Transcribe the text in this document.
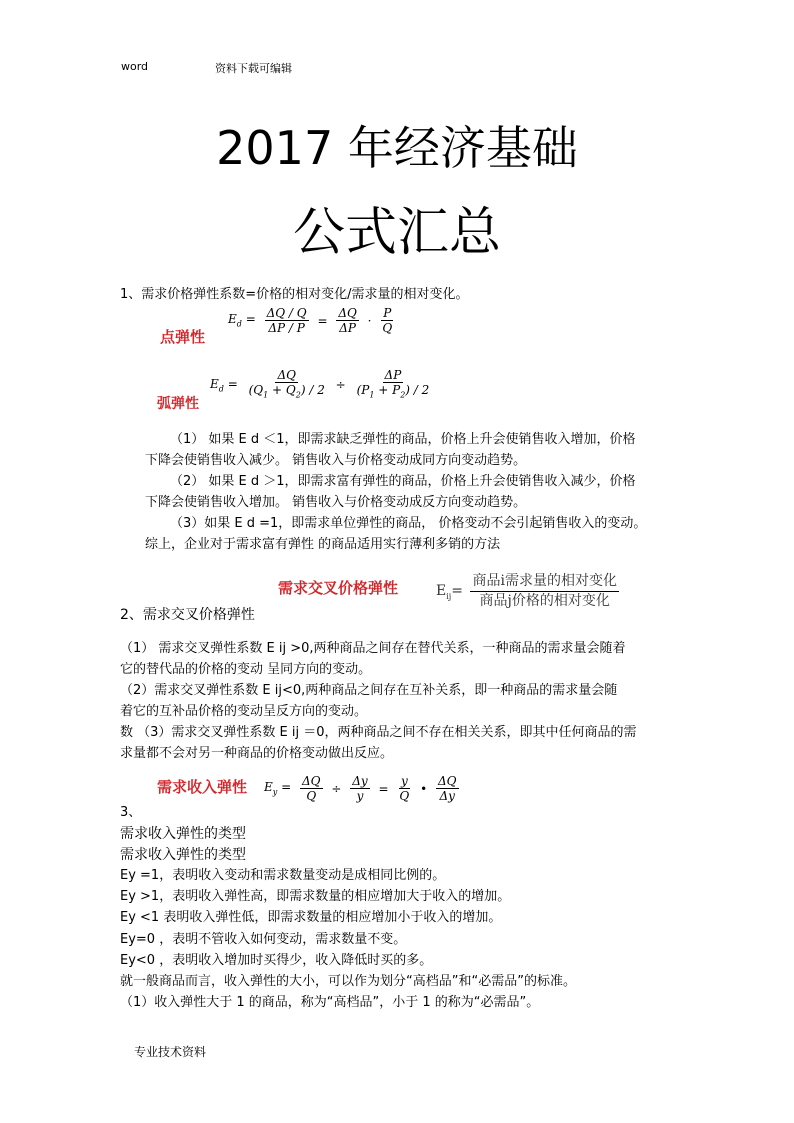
word	资料下载可编辑
2017 年经济基础
公式汇总
1、需求价格弹性系数=价格的相对变化/需求量的相对变化。
点弹性
$E_d = \frac{\Delta Q / Q}{\Delta P / P} = \frac{\Delta Q}{\Delta P} \cdot \frac{P}{Q}$
$E_d = \frac{\Delta Q}{(Q_1 + Q_2) / 2} \div \frac{\Delta P}{(P_1 + P_2) / 2}$
弧弹性
（1） 如果 E d ＜1，即需求缺乏弹性的商品，价格上升会使销售收入增加，价格
下降会使销售收入减少。 销售收入与价格变动成同方向变动趋势。
（2） 如果 E d ＞1，即需求富有弹性的商品，价格上升会使销售收入减少，价格
下降会使销售收入增加。 销售收入与价格变动成反方向变动趋势。
（3）如果 E d =1，即需求单位弹性的商品， 价格变动不会引起销售收入的变动。
综上，企业对于需求富有弹性 的商品适用实行薄利多销的方法
需求交叉价格弹性	$E_{ij}= \frac{\text{商品i需求量的相对变化}}{\text{商品j价格的相对变化}}$
2、需求交叉价格弹性
（1） 需求交叉弹性系数 E ij >0,两种商品之间存在替代关系，一种商品的需求量会随着
它的替代品的价格的变动 呈同方向的变动。
（2）需求交叉弹性系数 E ij<0,两种商品之间存在互补关系，即一种商品的需求量会随
着它的互补品价格的变动呈反方向的变动。
数 （3）需求交叉弹性系数 E ij ＝0，两种商品之间不存在相关关系，即其中任何商品的需
求量都不会对另一种商品的价格变动做出反应。
需求收入弹性 $E_y = \frac{\Delta Q}{Q} \div \frac{\Delta y}{y} = \frac{y}{Q}$ • $\frac{\Delta Q}{\Delta y}$
3、
需求收入弹性的类型
需求收入弹性的类型
Ey =1，表明收入变动和需求数量变动是成相同比例的。
Ey >1，表明收入弹性高，即需求数量的相应增加大于收入的增加。
Ey <1 表明收入弹性低，即需求数量的相应增加小于收入的增加。
Ey=0 ，表明不管收入如何变动，需求数量不变。
Ey<0 ，表明收入增加时买得少，收入降低时买的多。
就一般商品而言，收入弹性的大小，可以作为划分“高档品”和“必需品”的标准。
（1）收入弹性大于 1 的商品，称为“高档品”，小于 1 的称为“必需品”。
专业技术资料
